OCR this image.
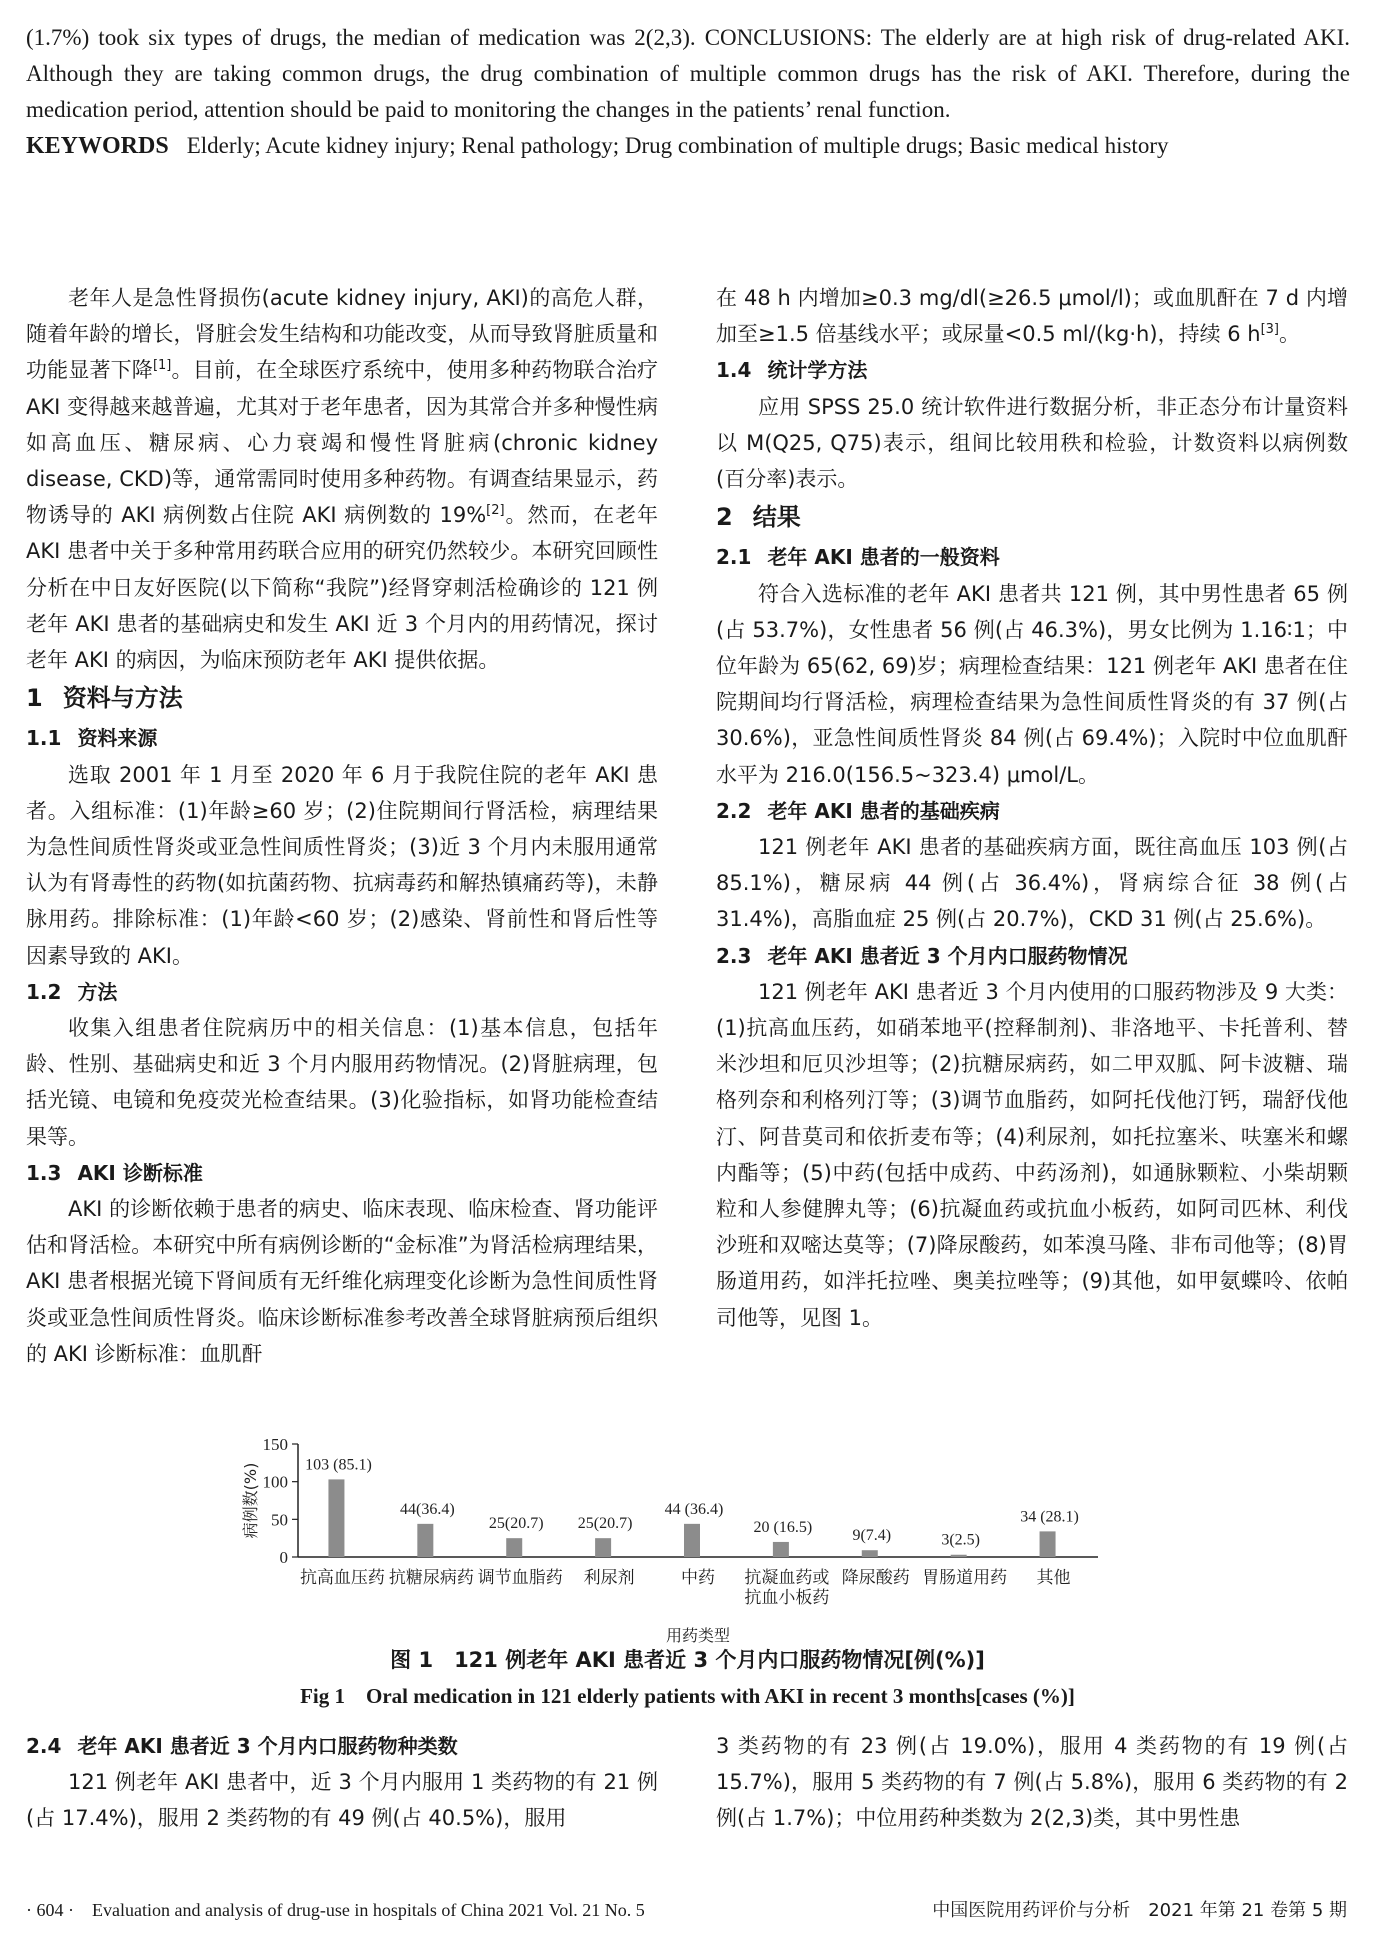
(1.7%) took six types of drugs, the median of medication was 2(2,3). CONCLUSIONS: The elderly are at high risk of drug-related AKI. Although they are taking common drugs, the drug combination of multiple common drugs has the risk of AKI. Therefore, during the medication period, attention should be paid to monitoring the changes in the patients’ renal function.

KEYWORDS Elderly; Acute kidney injury; Renal pathology; Drug combination of multiple drugs; Basic medical history

老年人是急性肾损伤(acute kidney injury, AKI)的高危人群，随着年龄的增长，肾脏会发生结构和功能改变，从而导致肾脏质量和功能显著下降[1]。目前，在全球医疗系统中，使用多种药物联合治疗 AKI 变得越来越普遍，尤其对于老年患者，因为其常合并多种慢性病如高血压、糖尿病、心力衰竭和慢性肾脏病(chronic kidney disease, CKD)等，通常需同时使用多种药物。有调查结果显示，药物诱导的 AKI 病例数占住院 AKI 病例数的 19%[2]。然而，在老年 AKI 患者中关于多种常用药联合应用的研究仍然较少。本研究回顾性分析在中日友好医院(以下简称“我院”)经肾穿刺活检确诊的 121 例老年 AKI 患者的基础病史和发生 AKI 近 3 个月内的用药情况，探讨老年 AKI 的病因，为临床预防老年 AKI 提供依据。

1 资料与方法
1.1 资料来源

选取 2001 年 1 月至 2020 年 6 月于我院住院的老年 AKI 患者。入组标准：(1)年龄≥60 岁；(2)住院期间行肾活检，病理结果为急性间质性肾炎或亚急性间质性肾炎；(3)近 3 个月内未服用通常认为有肾毒性的药物(如抗菌药物、抗病毒药和解热镇痛药等)，未静脉用药。排除标准：(1)年龄<60 岁；(2)感染、肾前性和肾后性等因素导致的 AKI。

1.2 方法

收集入组患者住院病历中的相关信息：(1)基本信息，包括年龄、性别、基础病史和近 3 个月内服用药物情况。(2)肾脏病理，包括光镜、电镜和免疫荧光检查结果。(3)化验指标，如肾功能检查结果等。

1.3 AKI 诊断标准

AKI 的诊断依赖于患者的病史、临床表现、临床检查、肾功能评估和肾活检。本研究中所有病例诊断的“金标准”为肾活检病理结果，AKI 患者根据光镜下肾间质有无纤维化病理变化诊断为急性间质性肾炎或亚急性间质性肾炎。临床诊断标准参考改善全球肾脏病预后组织的 AKI 诊断标准：血肌酐

在 48 h 内增加≥0.3 mg/dl(≥26.5 μmol/l)；或血肌酐在 7 d 内增加至≥1.5 倍基线水平；或尿量<0.5 ml/(kg·h)，持续 6 h[3]。

1.4 统计学方法

应用 SPSS 25.0 统计软件进行数据分析，非正态分布计量资料以 M(Q25, Q75)表示，组间比较用秩和检验，计数资料以病例数(百分率)表示。

2 结果
2.1 老年 AKI 患者的一般资料

符合入选标准的老年 AKI 患者共 121 例，其中男性患者 65 例(占 53.7%)，女性患者 56 例(占 46.3%)，男女比例为 1.16∶1；中位年龄为 65(62, 69)岁；病理检查结果：121 例老年 AKI 患者在住院期间均行肾活检，病理检查结果为急性间质性肾炎的有 37 例(占 30.6%)，亚急性间质性肾炎 84 例(占 69.4%)；入院时中位血肌酐水平为 216.0(156.5~323.4) μmol/L。

2.2 老年 AKI 患者的基础疾病

121 例老年 AKI 患者的基础疾病方面，既往高血压 103 例(占 85.1%)，糖尿病 44 例(占 36.4%)，肾病综合征 38 例(占 31.4%)，高脂血症 25 例(占 20.7%)，CKD 31 例(占 25.6%)。

2.3 老年 AKI 患者近 3 个月内口服药物情况

121 例老年 AKI 患者近 3 个月内使用的口服药物涉及 9 大类：(1)抗高血压药，如硝苯地平(控释制剂)、非洛地平、卡托普利、替米沙坦和厄贝沙坦等；(2)抗糖尿病药，如二甲双胍、阿卡波糖、瑞格列奈和利格列汀等；(3)调节血脂药，如阿托伐他汀钙，瑞舒伐他汀、阿昔莫司和依折麦布等；(4)利尿剂，如托拉塞米、呋塞米和螺内酯等；(5)中药(包括中成药、中药汤剂)，如通脉颗粒、小柴胡颗粒和人参健脾丸等；(6)抗凝血药或抗血小板药，如阿司匹林、利伐沙班和双嘧达莫等；(7)降尿酸药，如苯溴马隆、非布司他等；(8)胃肠道用药，如泮托拉唑、奥美拉唑等；(9)其他，如甲氨蝶呤、依帕司他等，见图 1。

0
50
100
150
病例数(%)	103 (85.1)
抗高血压药
44(36.4)
抗糖尿病药
25(20.7)
调节血脂药
25(20.7)
利尿剂
44 (36.4)
中药
20 (16.5)
抗凝血药或
抗血小板药
9(7.4)
降尿酸药
3(2.5)
胃肠道用药
34 (28.1)
其他
用药类型
图 1　121 例老年 AKI 患者近 3 个月内口服药物情况[例(%)]
Fig 1　Oral medication in 121 elderly patients with AKI in recent 3 months[cases (%)]
2.4 老年 AKI 患者近 3 个月内口服药物种类数

121 例老年 AKI 患者中，近 3 个月内服用 1 类药物的有 21 例(占 17.4%)，服用 2 类药物的有 49 例(占 40.5%)，服用

3 类药物的有 23 例(占 19.0%)，服用 4 类药物的有 19 例(占 15.7%)，服用 5 类药物的有 7 例(占 5.8%)，服用 6 类药物的有 2 例(占 1.7%)；中位用药种类数为 2(2,3)类，其中男性患

· 604 ·　Evaluation and analysis of drug-use in hospitals of China 2021 Vol. 21 No. 5	中国医院用药评价与分析　2021 年第 21 卷第 5 期
